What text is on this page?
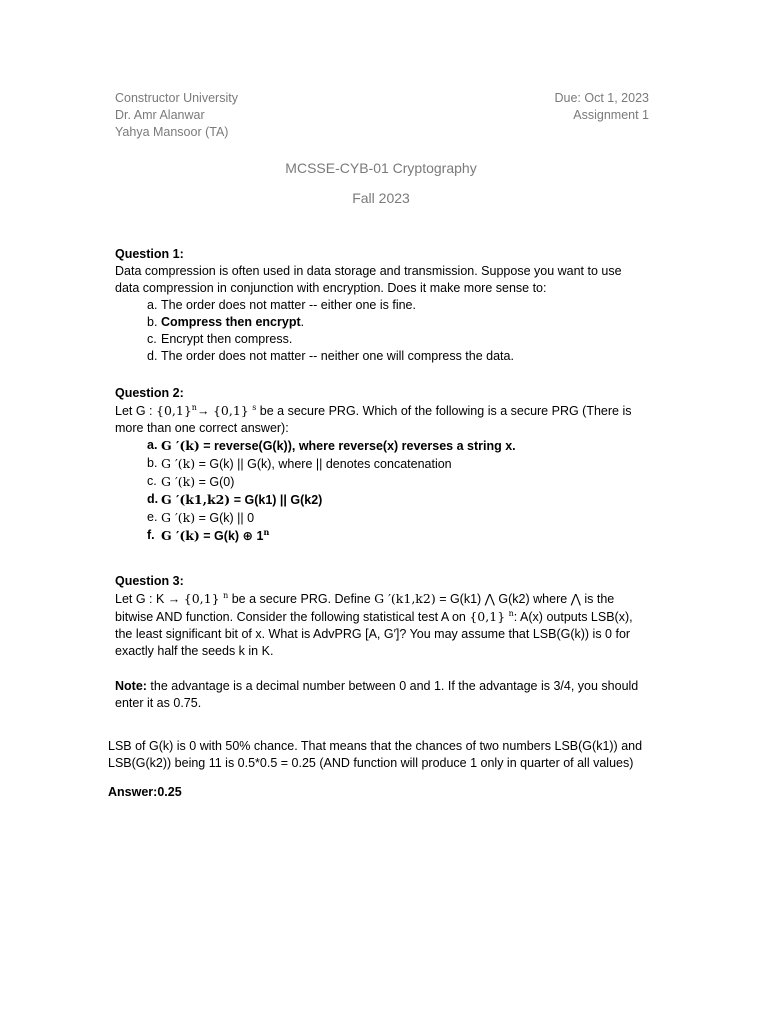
Constructor University
Dr. Amr Alanwar
Yahya Mansoor (TA)
Due: Oct 1, 2023
Assignment 1
MCSSE-CYB-01 Cryptography
Fall 2023
Question 1:
Data compression is often used in data storage and transmission. Suppose you want to use data compression in conjunction with encryption. Does it make more sense to:
a. The order does not matter -- either one is fine.
b. Compress then encrypt.
c. Encrypt then compress.
d. The order does not matter -- neither one will compress the data.
Question 2:
Let G : $\{0,1\}^n\to \{0,1\}$ $^s$ be a secure PRG. Which of the following is a secure PRG (There is more than one correct answer):
a. G ′(k) = reverse(G(k)), where reverse(x) reverses a string x.
b. G ′(k) = G(k) || G(k), where || denotes concatenation
c. G ′(k) = G(0)
d. G ′(k1,k2) = G(k1) || G(k2)
e. G ′(k) = G(k) || 0
f. G ′(k) = G(k) ⊕ 1$^n$
Question 3:
Let G : K → {0,1} $^n$ be a secure PRG. Define G ′(k1,k2) = G(k1) ⋀ G(k2) where ⋀ is the bitwise AND function. Consider the following statistical test A on {0,1} $^n$: A(x) outputs LSB(x), the least significant bit of x. What is AdvPRG [A, G′]? You may assume that LSB(G(k)) is 0 for exactly half the seeds k in K.
Note: the advantage is a decimal number between 0 and 1. If the advantage is 3/4, you should enter it as 0.75.
LSB of G(k) is 0 with 50% chance. That means that the chances of two numbers LSB(G(k1)) and LSB(G(k2)) being 11 is 0.5*0.5 = 0.25 (AND function will produce 1 only in quarter of all values)
Answer:0.25
